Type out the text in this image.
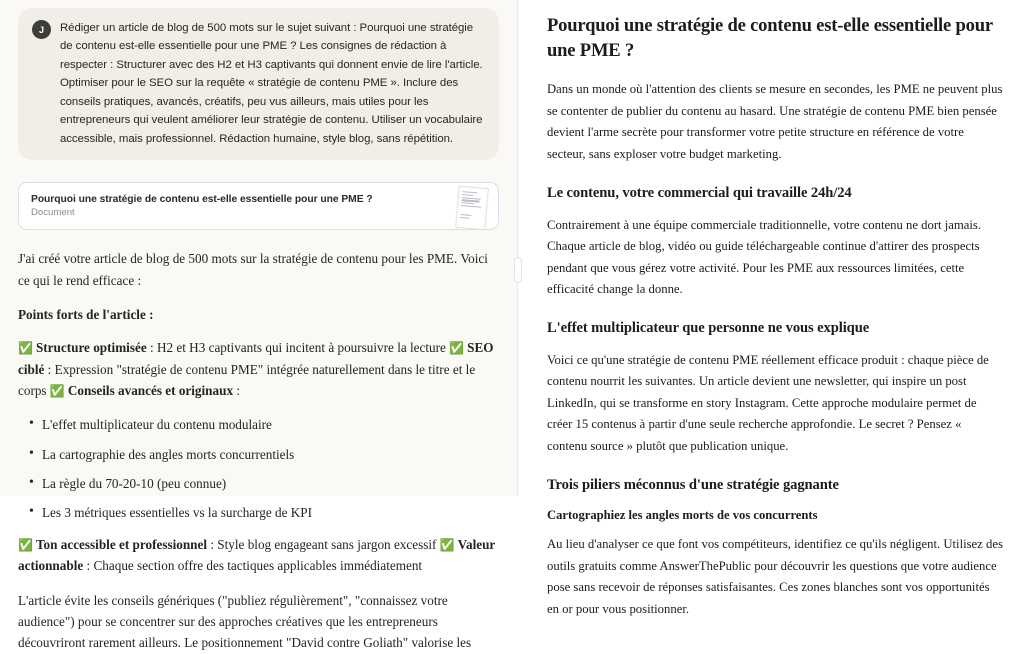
J	Rédiger un article de blog de 500 mots sur le sujet suivant : Pourquoi une stratégie de contenu est-elle essentielle pour une PME ? Les consignes de rédaction à respecter : Structurer avec des H2 et H3 captivants qui donnent envie de lire l'article. Optimiser pour le SEO sur la requête « stratégie de contenu PME ». Inclure des conseils pratiques, avancés, créatifs, peu vus ailleurs, mais utiles pour les entrepreneurs qui veulent améliorer leur stratégie de contenu. Utiliser un vocabulaire accessible, mais professionnel. Rédaction humaine, style blog, sans répétition.
Pourquoi une stratégie de contenu est-elle essentielle pour une PME ?
Document

J'ai créé votre article de blog de 500 mots sur la stratégie de contenu pour les PME. Voici ce qui le rend efficace :

Points forts de l'article :

✅ Structure optimisée : H2 et H3 captivants qui incitent à poursuivre la lecture ✅ SEO ciblé : Expression "stratégie de contenu PME" intégrée naturellement dans le titre et le corps ✅ Conseils avancés et originaux :

• L'effet multiplicateur du contenu modulaire
• La cartographie des angles morts concurrentiels
• La règle du 70-20-10 (peu connue)
• Les 3 métriques essentielles vs la surcharge de KPI

✅ Ton accessible et professionnel : Style blog engageant sans jargon excessif ✅ Valeur actionnable : Chaque section offre des tactiques applicables immédiatement

L'article évite les conseils génériques ("publiez régulièrement", "connaissez votre audience") pour se concentrer sur des approches créatives que les entrepreneurs découvriront rarement ailleurs. Le positionnement "David contre Goliath" valorise les

Pourquoi une stratégie de contenu est-elle essentielle pour une PME ?

Dans un monde où l'attention des clients se mesure en secondes, les PME ne peuvent plus se contenter de publier du contenu au hasard. Une stratégie de contenu PME bien pensée devient l'arme secrète pour transformer votre petite structure en référence de votre secteur, sans exploser votre budget marketing.

Le contenu, votre commercial qui travaille 24h/24

Contrairement à une équipe commerciale traditionnelle, votre contenu ne dort jamais. Chaque article de blog, vidéo ou guide téléchargeable continue d'attirer des prospects pendant que vous gérez votre activité. Pour les PME aux ressources limitées, cette efficacité change la donne.

L'effet multiplicateur que personne ne vous explique

Voici ce qu'une stratégie de contenu PME réellement efficace produit : chaque pièce de contenu nourrit les suivantes. Un article devient une newsletter, qui inspire un post LinkedIn, qui se transforme en story Instagram. Cette approche modulaire permet de créer 15 contenus à partir d'une seule recherche approfondie. Le secret ? Pensez « contenu source » plutôt que publication unique.

Trois piliers méconnus d'une stratégie gagnante
Cartographiez les angles morts de vos concurrents

Au lieu d'analyser ce que font vos compétiteurs, identifiez ce qu'ils négligent. Utilisez des outils gratuits comme AnswerThePublic pour découvrir les questions que votre audience pose sans recevoir de réponses satisfaisantes. Ces zones blanches sont vos opportunités en or pour vous positionner.
